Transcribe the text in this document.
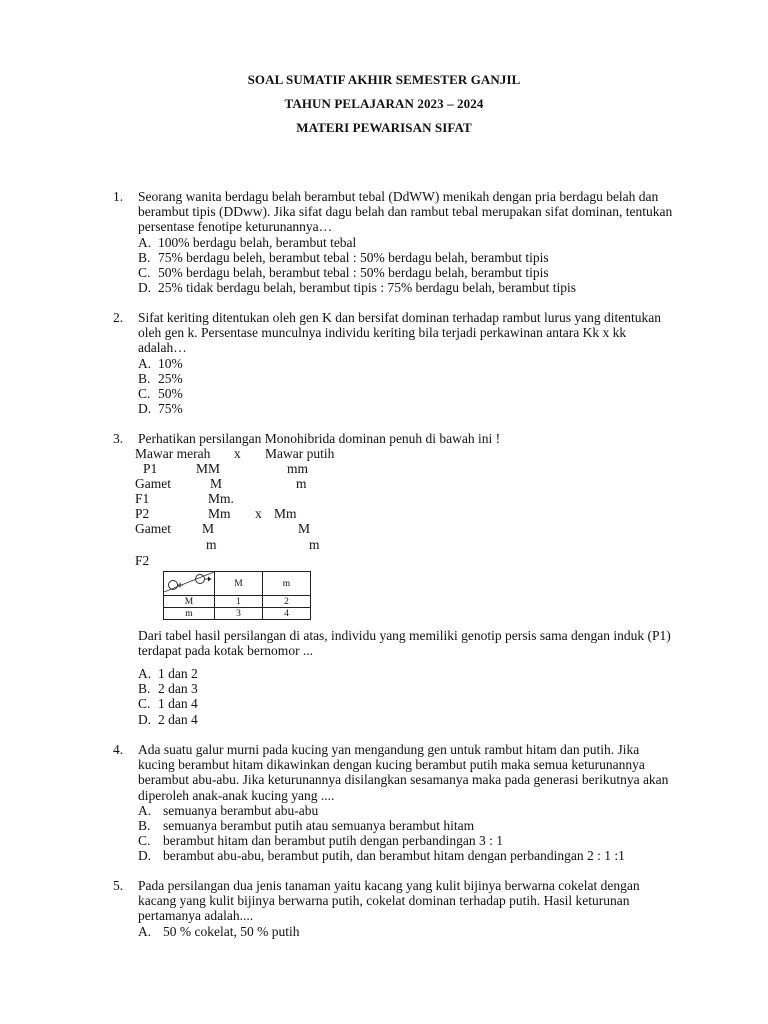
SOAL SUMATIF AKHIR SEMESTER GANJIL
TAHUN PELAJARAN 2023 – 2024
MATERI PEWARISAN SIFAT
1. Seorang wanita berdagu belah berambut tebal (DdWW) menikah dengan pria berdagu belah dan berambut tipis (DDww). Jika sifat dagu belah dan rambut tebal merupakan sifat dominan, tentukan persentase fenotipe keturunannya…
A. 100% berdagu belah, berambut tebal
B. 75% berdagu beleh, berambut tebal : 50% berdagu belah, berambut tipis
C. 50% berdagu belah, berambut tebal : 50% berdagu belah, berambut tipis
D. 25% tidak berdagu belah, berambut tipis : 75% berdagu belah, berambut tipis
2. Sifat keriting ditentukan oleh gen K dan bersifat dominan terhadap rambut lurus yang ditentukan oleh gen k. Persentase munculnya individu keriting bila terjadi perkawinan antara Kk x kk adalah…
A. 10%
B. 25%
C. 50%
D. 75%
3. Perhatikan persilangan Monohibrida dominan penuh di bawah ini !
Mawar merah x Mawar putih
P1	MM	mm
Gamet	M	m
F1	Mm.
P2	Mm x Mm
Gamet M	M
m	m
F2
	M	m
M	1	2
m	3	4
Dari tabel hasil persilangan di atas, individu yang memiliki genotip persis sama dengan induk (P1) terdapat pada kotak bernomor ...
A. 1 dan 2
B. 2 dan 3
C. 1 dan 4
D. 2 dan 4
4. Ada suatu galur murni pada kucing yan mengandung gen untuk rambut hitam dan putih. Jika kucing berambut hitam dikawinkan dengan kucing berambut putih maka semua keturunannya berambut abu-abu. Jika keturunannya disilangkan sesamanya maka pada generasi berikutnya akan diperoleh anak-anak kucing yang ....
A. semuanya berambut abu-abu
B. semuanya berambut putih atau semuanya berambut hitam
C. berambut hitam dan berambut putih dengan perbandingan 3 : 1
D. berambut abu-abu, berambut putih, dan berambut hitam dengan perbandingan 2 : 1 :1
5. Pada persilangan dua jenis tanaman yaitu kacang yang kulit bijinya berwarna cokelat dengan kacang yang kulit bijinya berwarna putih, cokelat dominan terhadap putih. Hasil keturunan pertamanya adalah....
A. 50 % cokelat, 50 % putih
